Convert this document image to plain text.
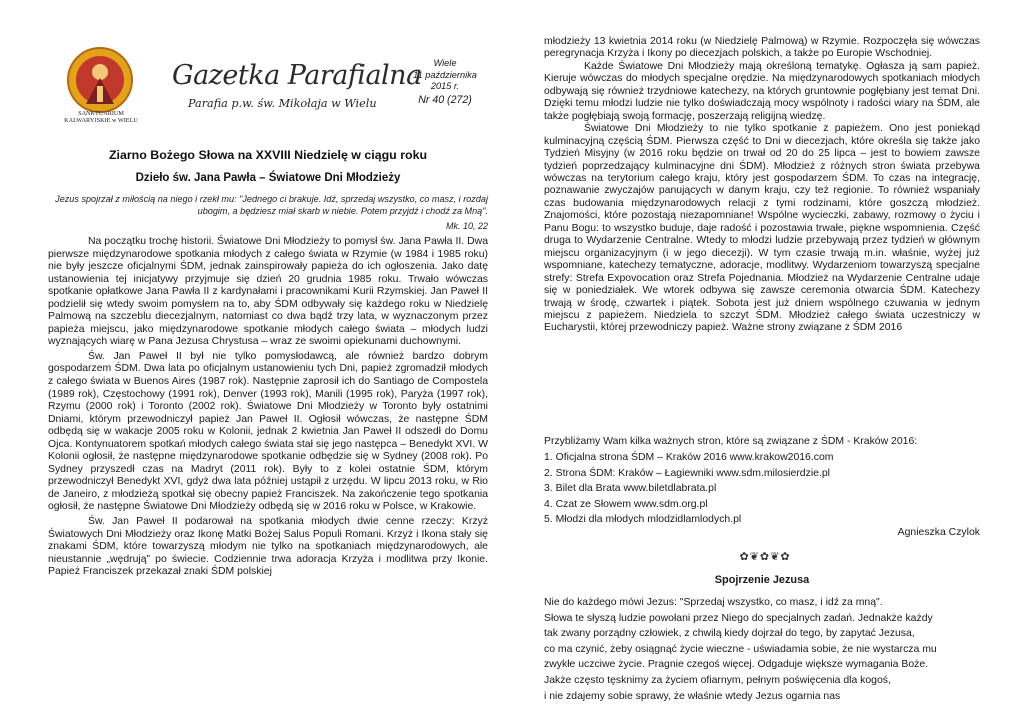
SANKTUARIUM KALWARYJSKIE w WIELU
Gazetka Parafialna
Parafia p.w. św. Mikołaja w Wielu
Wiele
11 października
2015 r.
Nr 40 (272)
Ziarno Bożego Słowa na XXVIII Niedzielę w ciągu roku
Dzieło św. Jana Pawła – Światowe Dni Młodzieży
Jezus spojrzał z miłością na niego i rzekł mu: "Jednego ci brakuje. Idź, sprzedaj wszystko, co masz, i rozdaj ubogim, a będziesz miał skarb w niebie. Potem przyjdź i chodź za Mną".
Mk. 10, 22

Na początku trochę historii. Światowe Dni Młodzieży to pomysł św. Jana Pawła II. Dwa pierwsze międzynarodowe spotkania młodych z całego świata w Rzymie (w 1984 i 1985 roku) nie były jeszcze oficjalnymi ŚDM, jednak zainspirowały papieża do ich ogłoszenia. Jako datę ustanowienia tej inicjatywy przyjmuje się dzień 20 grudnia 1985 roku. Trwało wówczas spotkanie opłatkowe Jana Pawła II z kardynałami i pracownikami Kurii Rzymskiej. Jan Paweł II podzielił się wtedy swoim pomysłem na to, aby ŚDM odbywały się każdego roku w Niedzielę Palmową na szczeblu diecezjalnym, natomiast co dwa bądź trzy lata, w wyznaczonym przez papieża miejscu, jako międzynarodowe spotkanie młodych całego świata – młodych ludzi wyznających wiarę w Pana Jezusa Chrystusa – wraz ze swoimi opiekunami duchownymi.

Św. Jan Paweł II był nie tylko pomysłodawcą, ale również bardzo dobrym gospodarzem ŚDM. Dwa lata po oficjalnym ustanowieniu tych Dni, papież zgromadził młodych z całego świata w Buenos Aires (1987 rok). Następnie zaprosił ich do Santiago de Compostela (1989 rok), Częstochowy (1991 rok), Denver (1993 rok), Manili (1995 rok), Paryża (1997 rok), Rzymu (2000 rok) i Toronto (2002 rok). Światowe Dni Młodzieży w Toronto były ostatnimi Dniami, którym przewodniczył papież Jan Paweł II. Ogłosił wówczas, że następne ŚDM odbędą się w wakacje 2005 roku w Kolonii, jednak 2 kwietnia Jan Paweł II odszedł do Domu Ojca. Kontynuatorem spotkań młodych całego świata stał się jego następca – Benedykt XVI. W Kolonii ogłosił, że następne międzynarodowe spotkanie odbędzie się w Sydney (2008 rok). Po Sydney przyszedł czas na Madryt (2011 rok). Były to z kolei ostatnie ŚDM, którym przewodniczył Benedykt XVI, gdyż dwa lata później ustąpił z urzędu. W lipcu 2013 roku, w Rio de Janeiro, z młodzieżą spotkał się obecny papież Franciszek. Na zakończenie tego spotkania ogłosił, że następne Światowe Dni Młodzieży odbędą się w 2016 roku w Polsce, w Krakowie.

Św. Jan Paweł II podarował na spotkania młodych dwie cenne rzeczy: Krzyż Światowych Dni Młodzieży oraz Ikonę Matki Bożej Salus Populi Romani. Krzyż i Ikona stały się znakami ŚDM, które towarzyszą młodym nie tylko na spotkaniach międzynarodowych, ale nieustannie „wędrują” po świecie. Codziennie trwa adoracja Krzyża i modlitwa przy Ikonie. Papież Franciszek przekazał znaki ŚDM polskiej

młodzieży 13 kwietnia 2014 roku (w Niedzielę Palmową) w Rzymie. Rozpoczęła się wówczas peregrynacja Krzyża i Ikony po diecezjach polskich, a także po Europie Wschodniej.

Każde Światowe Dni Młodzieży mają określoną tematykę. Ogłasza ją sam papież. Kieruje wówczas do młodych specjalne orędzie. Na międzynarodowych spotkaniach młodych odbywają się również trzydniowe katechezy, na których gruntownie pogłębiany jest temat Dni. Dzięki temu młodzi ludzie nie tylko doświadczają mocy wspólnoty i radości wiary na ŚDM, ale także pogłębiają swoją formację, poszerzają religijną wiedzę.

Światowe Dni Młodzieży to nie tylko spotkanie z papieżem. Ono jest poniekąd kulminacyjną częścią ŚDM. Pierwsza część to Dni w diecezjach, które określa się także jako Tydzień Misyjny (w 2016 roku będzie on trwał od 20 do 25 lipca – jest to bowiem zawsze tydzień poprzedzający kulminacyjne dni ŚDM). Młodzież z różnych stron świata przebywa wówczas na terytorium całego kraju, który jest gospodarzem ŚDM. To czas na integrację, poznawanie zwyczajów panujących w danym kraju, czy też regionie. To również wspaniały czas budowania międzynarodowych relacji z tymi rodzinami, które goszczą młodzież. Znajomości, które pozostają niezapomniane! Wspólne wycieczki, zabawy, rozmowy o życiu i Panu Bogu: to wszystko buduje, daje radość i pozostawia trwałe, piękne wspomnienia. Część druga to Wydarzenie Centralne. Wtedy to młodzi ludzie przebywają przez tydzień w głównym miejscu organizacyjnym (i w jego diecezji). W tym czasie trwają m.in. właśnie, wyżej już wspomniane, katechezy tematyczne, adoracje, modlitwy. Wydarzeniom towarzyszą specjalne strefy: Strefa Expovocation oraz Strefa Pojednania. Młodzież na Wydarzenie Centralne udaje się w poniedziałek. We wtorek odbywa się zawsze ceremonia otwarcia ŚDM. Katechezy trwają w środę, czwartek i piątek. Sobota jest już dniem wspólnego czuwania w jednym miejscu z papieżem. Niedziela to szczyt ŚDM. Młodzież całego świata uczestniczy w Eucharystii, której przewodniczy papież. Ważne strony związane z ŚDM 2016

Przybliżamy Wam kilka ważnych stron, które są związane z ŚDM - Kraków 2016:
1. Oficjalna strona ŚDM – Kraków 2016 www.krakow2016.com
2. Strona ŚDM: Kraków – Łagiewniki www.sdm.milosierdzie.pl
3. Bilet dla Brata www.biletdlabrata.pl
4. Czat ze Słowem www.sdm.org.pl
5. Młodzi dla młodych mlodzidlamlodych.pl
Agnieszka Czylok
✿❦✿❦✿
Spojrzenie Jezusa
Nie do każdego mówi Jezus: "Sprzedaj wszystko, co masz, i idź za mną".
Słowa te słyszą ludzie powołani przez Niego do specjalnych zadań. Jednakże każdy
tak zwany porządny człowiek, z chwilą kiedy dojrzał do tego, by zapytać Jezusa,
co ma czynić, żeby osiągnąć życie wieczne - uświadamia sobie, że nie wystarcza mu
zwykłe uczciwe życie. Pragnie czegoś więcej. Odgaduje większe wymagania Boże.
Jakże często tęsknimy za życiem ofiarnym, pełnym poświęcenia dla kogoś,
i nie zdajemy sobie sprawy, że właśnie wtedy Jezus ogarnia nas
